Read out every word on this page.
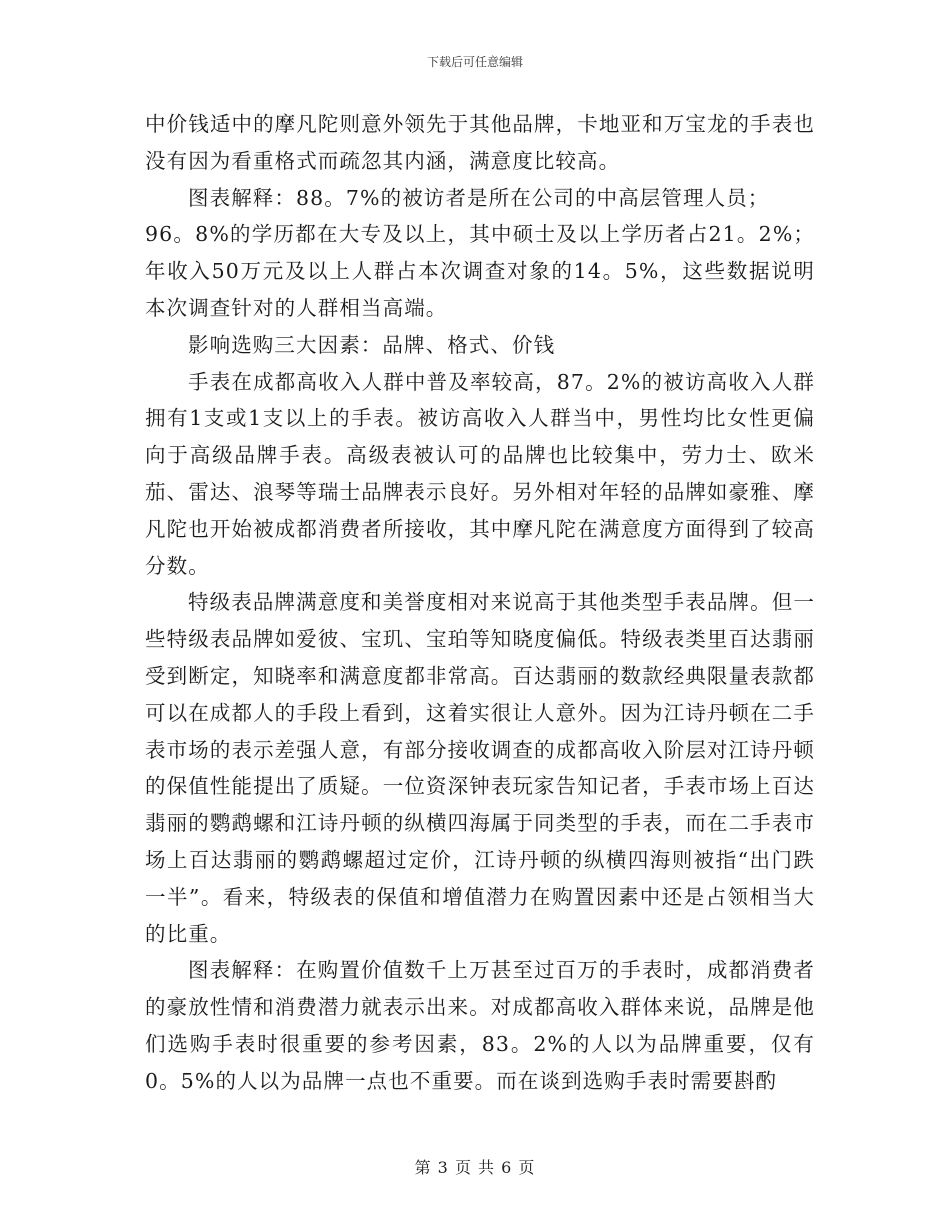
下载后可任意编辑

中价钱适中的摩凡陀则意外领先于其他品牌，卡地亚和万宝龙的手表也没有因为看重格式而疏忽其内涵，满意度比较高。

图表解释：88。7%的被访者是所在公司的中高层管理人员；

96。8%的学历都在大专及以上，其中硕士及以上学历者占21。2%；年收入50万元及以上人群占本次调查对象的14。5%，这些数据说明本次调查针对的人群相当高端。

影响选购三大因素：品牌、格式、价钱

手表在成都高收入人群中普及率较高，87。2%的被访高收入人群拥有1支或1支以上的手表。被访高收入人群当中，男性均比女性更偏向于高级品牌手表。高级表被认可的品牌也比较集中，劳力士、欧米茄、雷达、浪琴等瑞士品牌表示良好。另外相对年轻的品牌如豪雅、摩凡陀也开始被成都消费者所接收，其中摩凡陀在满意度方面得到了较高分数。

特级表品牌满意度和美誉度相对来说高于其他类型手表品牌。但一些特级表品牌如爱彼、宝玑、宝珀等知晓度偏低。特级表类里百达翡丽受到断定，知晓率和满意度都非常高。百达翡丽的数款经典限量表款都可以在成都人的手段上看到，这着实很让人意外。因为江诗丹顿在二手表市场的表示差强人意，有部分接收调查的成都高收入阶层对江诗丹顿的保值性能提出了质疑。一位资深钟表玩家告知记者，手表市场上百达翡丽的鹦鹉螺和江诗丹顿的纵横四海属于同类型的手表，而在二手表市场上百达翡丽的鹦鹉螺超过定价，江诗丹顿的纵横四海则被指“出门跌一半”。看来，特级表的保值和增值潜力在购置因素中还是占领相当大的比重。

图表解释：在购置价值数千上万甚至过百万的手表时，成都消费者的豪放性情和消费潜力就表示出来。对成都高收入群体来说，品牌是他们选购手表时很重要的参考因素，83。2%的人以为品牌重要，仅有0。5%的人以为品牌一点也不重要。而在谈到选购手表时需要斟酌

第 3 页 共 6 页
